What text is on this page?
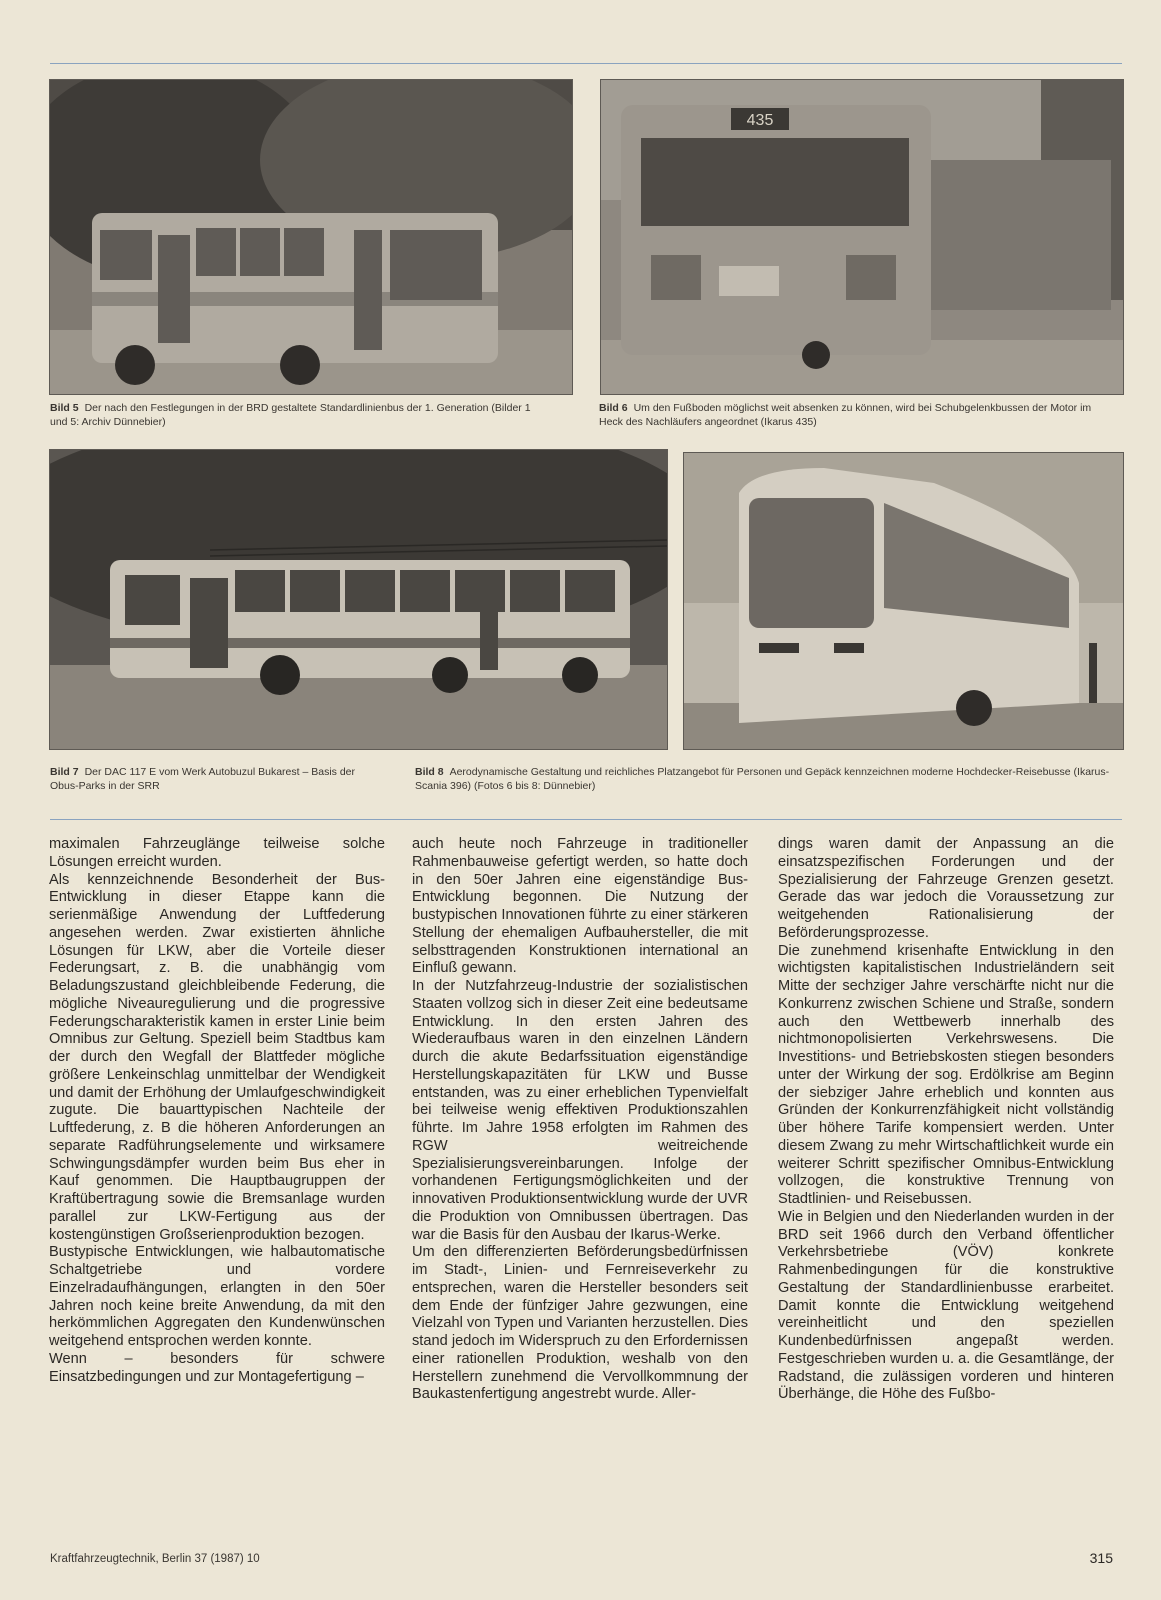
435
Bild 5 Der nach den Festlegungen in der BRD gestaltete Standardlinienbus der 1. Generation (Bilder 1 und 5: Archiv Dünnebier)
Bild 6 Um den Fußboden möglichst weit absenken zu können, wird bei Schubgelenkbussen der Motor im Heck des Nachläufers angeordnet (Ikarus 435)
Bild 7 Der DAC 117 E vom Werk Autobuzul Bukarest – Basis der Obus-Parks in der SRR
Bild 8 Aerodynamische Gestaltung und reichliches Platzangebot für Personen und Gepäck kennzeichnen moderne Hochdecker-Reisebusse (Ikarus-Scania 396) (Fotos 6 bis 8: Dünnebier)

maximalen Fahrzeuglänge teilweise solche Lösungen erreicht wurden.

Als kennzeichnende Besonderheit der Bus-Entwicklung in dieser Etappe kann die serienmäßige Anwendung der Luftfederung angesehen werden. Zwar existierten ähnliche Lösungen für LKW, aber die Vorteile dieser Federungsart, z. B. die unabhängig vom Beladungszustand gleichbleibende Federung, die mögliche Niveauregulierung und die progressive Federungscharakteristik kamen in erster Linie beim Omnibus zur Geltung. Speziell beim Stadtbus kam der durch den Wegfall der Blattfeder mögliche größere Lenkeinschlag unmittelbar der Wendigkeit und damit der Erhöhung der Umlaufgeschwindigkeit zugute. Die bauarttypischen Nachteile der Luftfederung, z. B die höheren Anforderungen an separate Radführungselemente und wirksamere Schwingungsdämpfer wurden beim Bus eher in Kauf genommen. Die Hauptbaugruppen der Kraftübertragung sowie die Bremsanlage wurden parallel zur LKW-Fertigung aus der kostengünstigen Großserienproduktion bezogen.

Bustypische Entwicklungen, wie halbautomatische Schaltgetriebe und vordere Einzelradaufhängungen, erlangten in den 50er Jahren noch keine breite Anwendung, da mit den herkömmlichen Aggregaten den Kundenwünschen weitgehend entsprochen werden konnte.

Wenn – besonders für schwere Einsatzbedingungen und zur Montagefertigung –

auch heute noch Fahrzeuge in traditioneller Rahmenbauweise gefertigt werden, so hatte doch in den 50er Jahren eine eigenständige Bus-Entwicklung begonnen. Die Nutzung der bustypischen Innovationen führte zu einer stärkeren Stellung der ehemaligen Aufbauhersteller, die mit selbsttragenden Konstruktionen international an Einfluß gewann.

In der Nutzfahrzeug-Industrie der sozialistischen Staaten vollzog sich in dieser Zeit eine bedeutsame Entwicklung. In den ersten Jahren des Wiederaufbaus waren in den einzelnen Ländern durch die akute Bedarfssituation eigenständige Herstellungskapazitäten für LKW und Busse entstanden, was zu einer erheblichen Typenvielfalt bei teilweise wenig effektiven Produktionszahlen führte. Im Jahre 1958 erfolgten im Rahmen des RGW weitreichende Spezialisierungsvereinbarungen. Infolge der vorhandenen Fertigungsmöglichkeiten und der innovativen Produktionsentwicklung wurde der UVR die Produktion von Omnibussen übertragen. Das war die Basis für den Ausbau der Ikarus-Werke.

Um den differenzierten Beförderungsbedürfnissen im Stadt-, Linien- und Fernreiseverkehr zu entsprechen, waren die Hersteller besonders seit dem Ende der fünfziger Jahre gezwungen, eine Vielzahl von Typen und Varianten herzustellen. Dies stand jedoch im Widerspruch zu den Erfordernissen einer rationellen Produktion, weshalb von den Herstellern zunehmend die Vervollkommnung der Baukastenfertigung angestrebt wurde. Aller-

dings waren damit der Anpassung an die einsatzspezifischen Forderungen und der Spezialisierung der Fahrzeuge Grenzen gesetzt. Gerade das war jedoch die Voraussetzung zur weitgehenden Rationalisierung der Beförderungsprozesse.

Die zunehmend krisenhafte Entwicklung in den wichtigsten kapitalistischen Industrieländern seit Mitte der sechziger Jahre verschärfte nicht nur die Konkurrenz zwischen Schiene und Straße, sondern auch den Wettbewerb innerhalb des nichtmonopolisierten Verkehrswesens. Die Investitions- und Betriebskosten stiegen besonders unter der Wirkung der sog. Erdölkrise am Beginn der siebziger Jahre erheblich und konnten aus Gründen der Konkurrenzfähigkeit nicht vollständig über höhere Tarife kompensiert werden. Unter diesem Zwang zu mehr Wirtschaftlichkeit wurde ein weiterer Schritt spezifischer Omnibus-Entwicklung vollzogen, die konstruktive Trennung von Stadtlinien- und Reisebussen.

Wie in Belgien und den Niederlanden wurden in der BRD seit 1966 durch den Verband öffentlicher Verkehrsbetriebe (VÖV) konkrete Rahmenbedingungen für die konstruktive Gestaltung der Standardlinienbusse erarbeitet. Damit konnte die Entwicklung weitgehend vereinheitlicht und den speziellen Kundenbedürfnissen angepaßt werden. Festgeschrieben wurden u. a. die Gesamtlänge, der Radstand, die zulässigen vorderen und hinteren Überhänge, die Höhe des Fußbo-

Kraftfahrzeugtechnik, Berlin 37 (1987) 10	315
